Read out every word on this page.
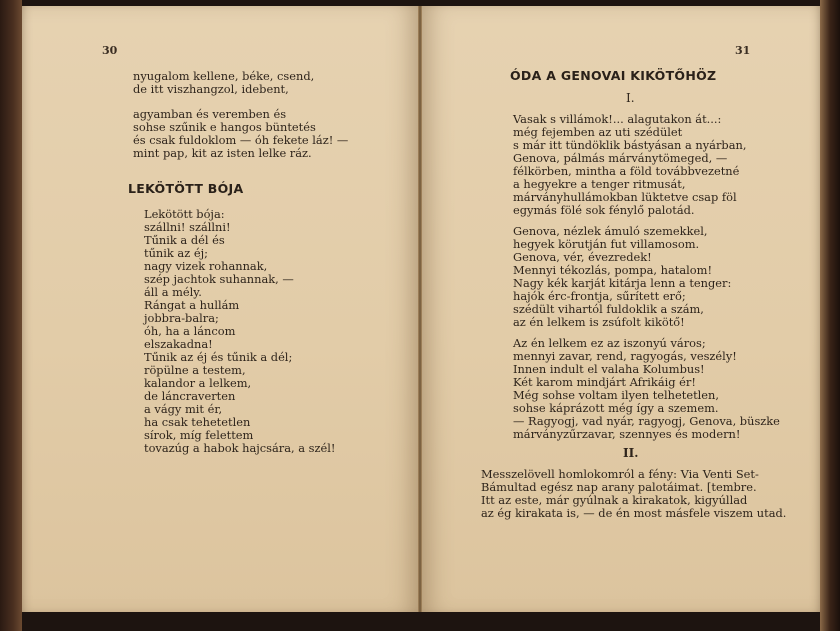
30
nyugalom kellene, béke, csend,
de itt viszhangzol, idebent,
agyamban és veremben és
sohse szűnik e hangos büntetés
és csak fuldoklom — óh fekete láz! —
mint pap, kit az isten lelke ráz.
LEKÖTÖTT BÓJA
Lekötött bója:
szállni! szállni!
Tűnik a dél és
tűnik az éj;
nagy vizek rohannak,
szép jachtok suhannak, —
áll a mély.
Rángat a hullám
jobbra-balra;
óh, ha a láncom
elszakadna!
Tűnik az éj és tűnik a dél;
röpülne a testem,
kalandor a lelkem,
de láncraverten
a vágy mit ér,
ha csak tehetetlen
sírok, míg felettem
tovazúg a habok hajcsára, a szél!
31
ÓDA A GENOVAI KIKÖTŐHÖZ
I.
Vasak s villámok!... alagutakon át...:
még fejemben az uti szédület
s már itt tündöklik bástyásan a nyárban,
Genova, pálmás márványtömeged, —
félkörben, mintha a föld továbbvezetné
a hegyekre a tenger ritmusát,
márványhullámokban lüktetve csap föl
egymás fölé sok fénylő palotád.
Genova, nézlek ámuló szemekkel,
hegyek körutján fut villamosom.
Genova, vér, évezredek!
Mennyi tékozlás, pompa, hatalom!
Nagy kék karját kitárja lenn a tenger:
hajók érc-frontja, sűrített erő;
szédült vihartól fuldoklik a szám,
az én lelkem is zsúfolt kikötő!
Az én lelkem ez az iszonyú város;
mennyi zavar, rend, ragyogás, veszély!
Innen indult el valaha Kolumbus!
Két karom mindjárt Afrikáig ér!
Még sohse voltam ilyen telhetetlen,
sohse káprázott még így a szemem.
— Ragyogj, vad nyár, ragyogj, Genova, büszke
márványzűrzavar, szennyes és modern!
II.
Messzelövell homlokomról a fény: Via Venti Set-
Bámultad egész nap arany palotáimat. [tembre.
Itt az este, már gyúlnak a kirakatok, kigyúllad
az ég kirakata is, — de én most másfele viszem utad.
